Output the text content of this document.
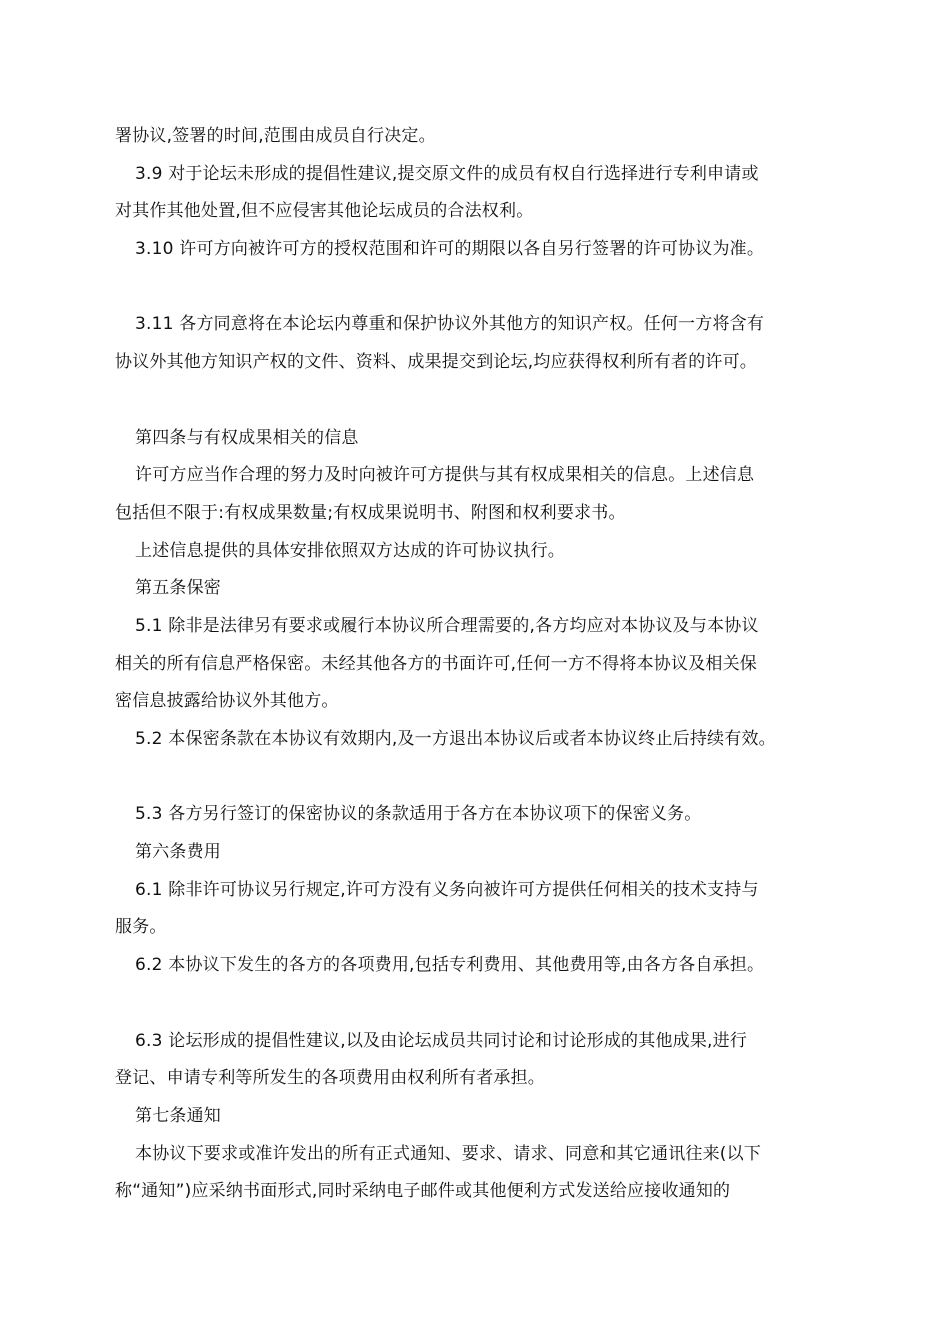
署协议,签署的时间,范围由成员自行决定。
3.9 对于论坛未形成的提倡性建议,提交原文件的成员有权自行选择进行专利申请或
对其作其他处置,但不应侵害其他论坛成员的合法权利。
3.10 许可方向被许可方的授权范围和许可的期限以各自另行签署的许可协议为准。
3.11 各方同意将在本论坛内尊重和保护协议外其他方的知识产权。任何一方将含有
协议外其他方知识产权的文件、资料、成果提交到论坛,均应获得权利所有者的许可。
第四条与有权成果相关的信息
许可方应当作合理的努力及时向被许可方提供与其有权成果相关的信息。上述信息
包括但不限于:有权成果数量;有权成果说明书、附图和权利要求书。
上述信息提供的具体安排依照双方达成的许可协议执行。
第五条保密
5.1 除非是法律另有要求或履行本协议所合理需要的,各方均应对本协议及与本协议
相关的所有信息严格保密。未经其他各方的书面许可,任何一方不得将本协议及相关保
密信息披露给协议外其他方。
5.2 本保密条款在本协议有效期内,及一方退出本协议后或者本协议终止后持续有效。
5.3 各方另行签订的保密协议的条款适用于各方在本协议项下的保密义务。
第六条费用
6.1 除非许可协议另行规定,许可方没有义务向被许可方提供任何相关的技术支持与
服务。
6.2 本协议下发生的各方的各项费用,包括专利费用、其他费用等,由各方各自承担。
6.3 论坛形成的提倡性建议,以及由论坛成员共同讨论和讨论形成的其他成果,进行
登记、申请专利等所发生的各项费用由权利所有者承担。
第七条通知
本协议下要求或准许发出的所有正式通知、要求、请求、同意和其它通讯往来(以下
称“通知”)应采纳书面形式,同时采纳电子邮件或其他便利方式发送给应接收通知的
